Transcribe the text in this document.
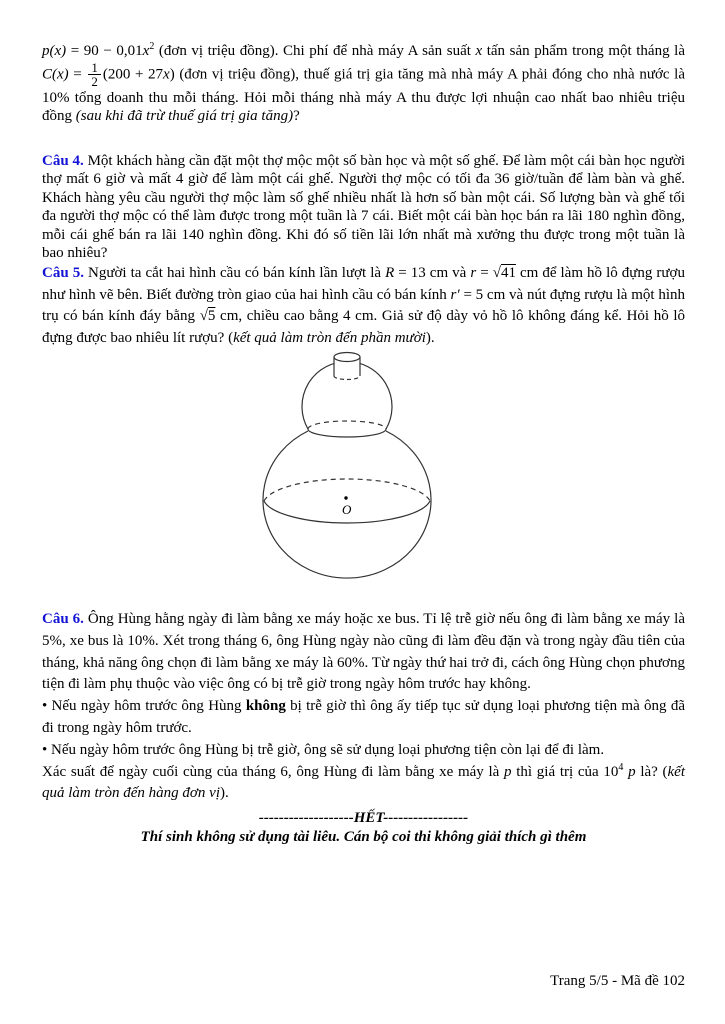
$p(x) = 90 - 0,01x^2$ (đơn vị triệu đồng). Chi phí để nhà máy A sản suất x tấn sản phẩm trong một tháng là $C(x) = \frac{1}{2} (200 + 27x)$ (đơn vị triệu đồng), thuế giá trị gia tăng mà nhà máy A phải đóng cho nhà nước là 10% tổng doanh thu mỗi tháng. Hỏi mỗi tháng nhà máy A thu được lợi nhuận cao nhất bao nhiêu triệu đồng (sau khi đã trừ thuế giá trị gia tăng)?

Câu 4. Một khách hàng cần đặt một thợ mộc một số bàn học và một số ghế. Để làm một cái bàn học người thợ mất 6 giờ và mất 4 giờ để làm một cái ghế. Người thợ mộc có tối đa 36 giờ/tuần để làm bàn và ghế. Khách hàng yêu cầu người thợ mộc làm số ghế nhiều nhất là hơn số bàn một cái. Số lượng bàn và ghế tối đa người thợ mộc có thể làm được trong một tuần là 7 cái. Biết một cái bàn học bán ra lãi 180 nghìn đồng, mỗi cái ghế bán ra lãi 140 nghìn đồng. Khi đó số tiền lãi lớn nhất mà xưởng thu được trong một tuần là bao nhiêu?

Câu 5. Người ta cắt hai hình cầu có bán kính lần lượt là R = 13 cm và r = √41 cm để làm hồ lô đựng rượu như hình vẽ bên. Biết đường tròn giao của hai hình cầu có bán kính r′ = 5 cm và nút đựng rượu là một hình trụ có bán kính đáy bằng √5 cm, chiều cao bằng 4 cm. Giả sử độ dày vỏ hồ lô không đáng kể. Hỏi hồ lô đựng được bao nhiêu lít rượu? (kết quả làm tròn đến phần mười).

O

Câu 6. Ông Hùng hằng ngày đi làm bằng xe máy hoặc xe bus. Tỉ lệ trễ giờ nếu ông đi làm bằng xe máy là 5%, xe bus là 10%. Xét trong tháng 6, ông Hùng ngày nào cũng đi làm đều đặn và trong ngày đầu tiên của tháng, khả năng ông chọn đi làm bằng xe máy là 60%. Từ ngày thứ hai trở đi, cách ông Hùng chọn phương tiện đi làm phụ thuộc vào việc ông có bị trễ giờ trong ngày hôm trước hay không.

• Nếu ngày hôm trước ông Hùng không bị trễ giờ thì ông ấy tiếp tục sử dụng loại phương tiện mà ông đã đi trong ngày hôm trước.

• Nếu ngày hôm trước ông Hùng bị trễ giờ, ông sẽ sử dụng loại phương tiện còn lại để đi làm.

Xác suất để ngày cuối cùng của tháng 6, ông Hùng đi làm bằng xe máy là p thì giá trị của $10^4$ p là? (kết quả làm tròn đến hàng đơn vị).

-------------------HẾT-----------------

Thí sinh không sử dụng tài liêu. Cán bộ coi thi không giải thích gì thêm

Trang 5/5 - Mã đề 102
